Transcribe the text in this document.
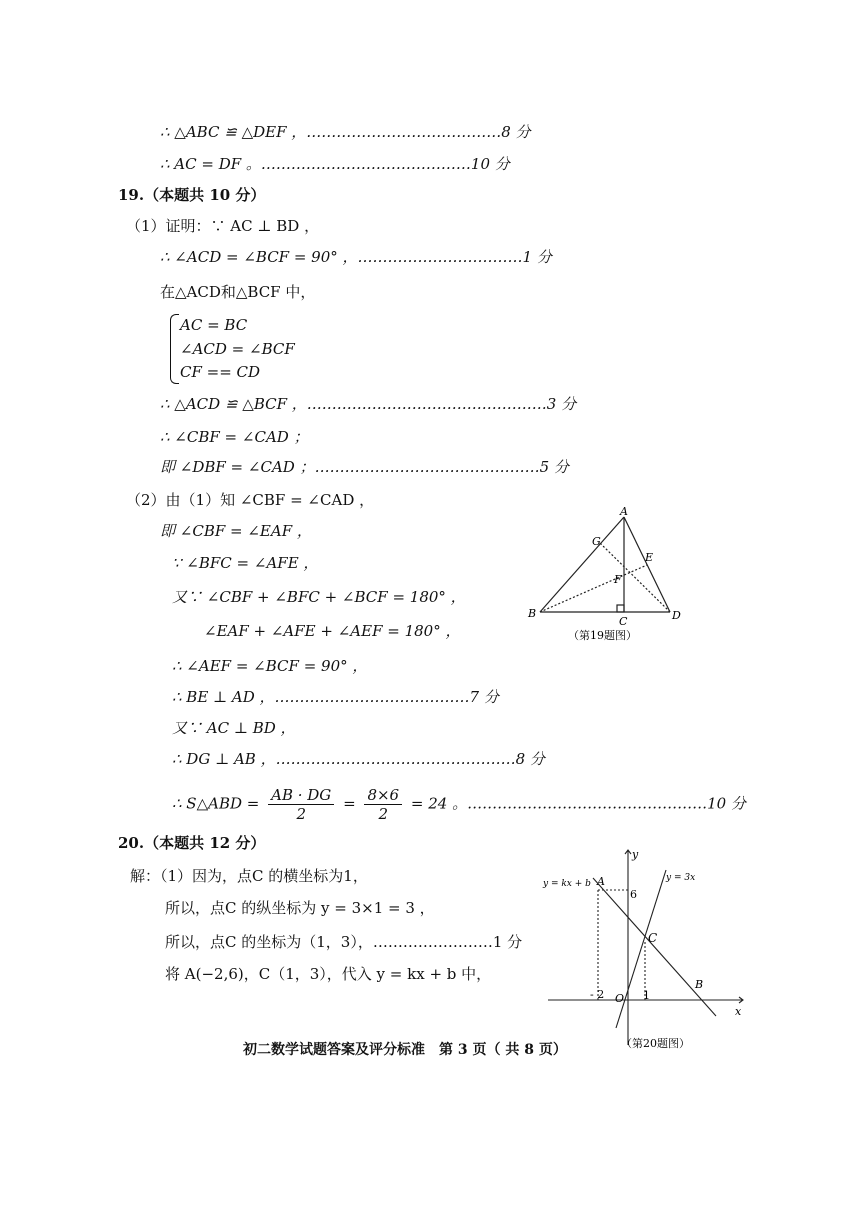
∴ △ABC ≌ △DEF ，…………………………………8 分
∴ AC = DF 。……………………………………10 分
19.（本题共 10 分）
（1）证明：∵ AC ⊥ BD ，
∴ ∠ACD = ∠BCF = 90° ，……………………………1 分
在△ACD和△BCF 中，
AC = BC
∠ACD = ∠BCF
CF == CD
∴ △ACD ≌ △BCF ，…………………………………………3 分
∴ ∠CBF = ∠CAD ；
即 ∠DBF = ∠CAD ；………………………………………5 分
（2）由（1）知 ∠CBF = ∠CAD ，
即 ∠CBF = ∠EAF ，
∵ ∠BFC = ∠AFE ，
又∵ ∠CBF + ∠BFC + ∠BCF = 180° ，
∠EAF + ∠AFE + ∠AEF = 180° ，
∴ ∠AEF = ∠BCF = 90° ，
∴ BE ⊥ AD ，…………………………………7 分
又∵ AC ⊥ BD ，
∴ DG ⊥ AB ，…………………………………………8 分
∴ S△ABD = $\frac{AB \cdot DG}{2} = \frac{8\times 6}{2} = 24$ 。…………………………………………10 分
20.（本题共 12 分）
解：（1）因为，点C 的横坐标为1，
所以，点C 的纵坐标为 y = 3×1 = 3 ，
所以，点C 的坐标为（1，3），……………………1 分
将 A(−2,6)，C（1，3），代入 y = kx + b 中，
初二数学试题答案及评分标准　第 3 页（ 共 8 页）
A
B
C	D
E
F
G
（第19题图）
y
x
y = kx + b
y = 3x
6
- 2	1
O
A
C
B
（第20题图）
